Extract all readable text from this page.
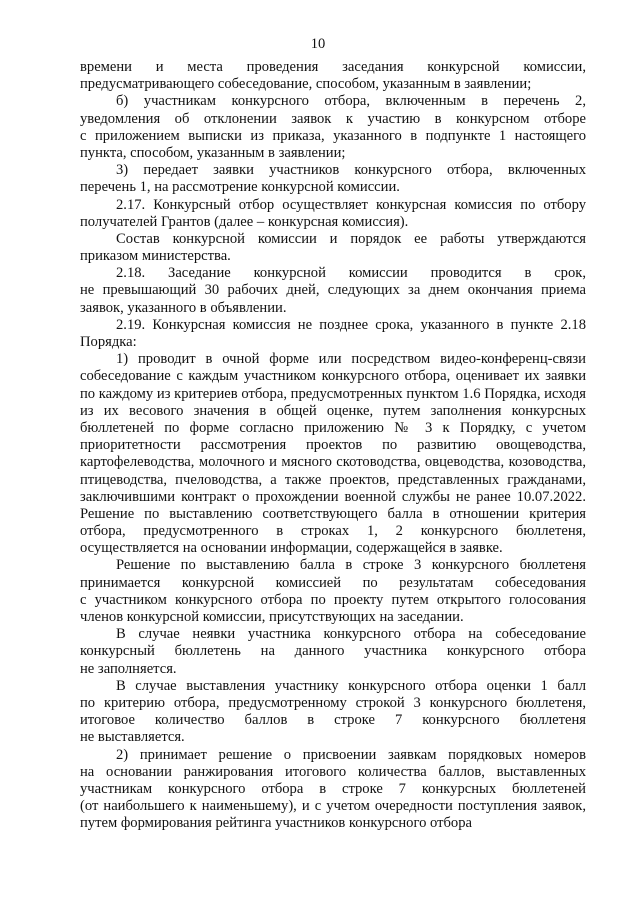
10
времени и места проведения заседания конкурсной комиссии,
предусматривающего собеседование, способом, указанным в заявлении;
б) участникам конкурсного отбора, включенным в перечень 2,
уведомления об отклонении заявок к участию в конкурсном отборе
с приложением выписки из приказа, указанного в подпункте 1 настоящего
пункта, способом, указанным в заявлении;
3) передает заявки участников конкурсного отбора, включенных
перечень 1, на рассмотрение конкурсной комиссии.
2.17. Конкурсный отбор осуществляет конкурсная комиссия по отбору
получателей Грантов (далее – конкурсная комиссия).
Состав конкурсной комиссии и порядок ее работы утверждаются
приказом министерства.
2.18. Заседание конкурсной комиссии проводится в срок,
не превышающий 30 рабочих дней, следующих за днем окончания приема
заявок, указанного в объявлении.
2.19. Конкурсная комиссия не позднее срока, указанного в пункте 2.18
Порядка:
1) проводит в очной форме или посредством видео-конференц-связи
собеседование с каждым участником конкурсного отбора, оценивает их заявки
по каждому из критериев отбора, предусмотренных пунктом 1.6 Порядка, исходя
из их весового значения в общей оценке, путем заполнения конкурсных
бюллетеней по форме согласно приложению № 3 к Порядку, с учетом
приоритетности рассмотрения проектов по развитию овощеводства,
картофелеводства, молочного и мясного скотоводства, овцеводства, козоводства,
птицеводства, пчеловодства, а также проектов, представленных гражданами,
заключившими контракт о прохождении военной службы не ранее 10.07.2022.
Решение по выставлению соответствующего балла в отношении критерия
отбора, предусмотренного в строках 1, 2 конкурсного бюллетеня,
осуществляется на основании информации, содержащейся в заявке.
Решение по выставлению балла в строке 3 конкурсного бюллетеня
принимается конкурсной комиссией по результатам собеседования
с участником конкурсного отбора по проекту путем открытого голосования
членов конкурсной комиссии, присутствующих на заседании.
В случае неявки участника конкурсного отбора на собеседование
конкурсный бюллетень на данного участника конкурсного отбора
не заполняется.
В случае выставления участнику конкурсного отбора оценки 1 балл
по критерию отбора, предусмотренному строкой 3 конкурсного бюллетеня,
итоговое количество баллов в строке 7 конкурсного бюллетеня
не выставляется.
2) принимает решение о присвоении заявкам порядковых номеров
на основании ранжирования итогового количества баллов, выставленных
участникам конкурсного отбора в строке 7 конкурсных бюллетеней
(от наибольшего к наименьшему), и с учетом очередности поступления заявок,
путем формирования рейтинга участников конкурсного отбора
